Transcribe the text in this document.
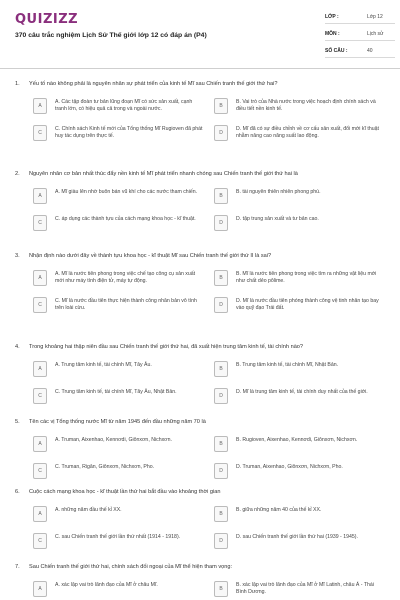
QUIZIZZ
370 câu trắc nghiệm Lịch Sử Thế giới lớp 12 có đáp án (P4)
LỚP :	Lớp 12
MÔN :	Lịch sử
SỐ CÂU :	40
1.	Yếu tố nào không phải là nguyên nhân sự phát triển của kinh tế Mĩ sau Chiến tranh thế giới thứ hai?
A
A. Các tập đoàn tư bản lũng đoạn Mĩ có sức sản xuất, cạnh tranh lớn, có hiệu quả cả trong và ngoài nước.	B
B. Vai trò của Nhà nước trong việc hoạch định chính sách và điều tiết nền kinh tế.
C
C. Chính sách Kinh tế mới của Tổng thống Mĩ Rugioven đã phát huy tác dụng trên thực tế.	D
D. Mĩ đã có sự điều chỉnh về cơ cấu sản xuất, đổi mới kĩ thuật nhằm nâng cao năng suất lao động.
2.	Nguyên nhân cơ bản nhất thúc đẩy nền kinh tế Mĩ phát triển nhanh chóng sau Chiến tranh thế giới thứ hai là
A
A. Mĩ giàu lên nhờ buôn bán vũ khí cho các nước tham chiến.
B
B. tài nguyên thiên nhiên phong phú.
C
C. áp dụng các thành tựu của cách mạng khoa học - kĩ thuật.
D
D. tập trung sản xuất và tư bản cao.
3.	Nhận định nào dưới đây về thành tựu khoa học - kĩ thuật Mĩ sau Chiến tranh thế giới thứ II là sai?
A
A. Mĩ là nước tiên phong trong việc chế tạo công cụ sản xuất mới như máy tính điện tử, máy tự động.	B
B. Mĩ là nước tiên phong trong việc tìm ra những vật liệu mới như chất dẻo pôlime.
C
C. Mĩ là nước đầu tiên thực hiện thành công nhân bản vô tính trên loài cừu.	D
D. Mĩ là nước đầu tiên phóng thành công vệ tinh nhân tạo bay vào quỹ đạo Trái đất.
4.	Trong khoảng hai thập niên đầu sau Chiến tranh thế giới thứ hai, đã xuất hiện trung tâm kinh tế, tài chính nào?
A
A. Trung tâm kinh tế, tài chính Mĩ, Tây Âu.
B
B. Trung tâm kinh tế, tài chính Mĩ, Nhật Bản.
C
C. Trung tâm kinh tế, tài chính Mĩ, Tây Âu, Nhật Bản.
D
D. Mĩ là trung tâm kinh tế, tài chính duy nhất của thế giới.
5.	Tên các vị Tổng thống nước Mĩ từ năm 1945 đến đầu những năm 70 là
A
A. Truman, Aixenhao, Kennơdi, Giônxơn, Nichxơn.
B
B. Rugioven, Aixenhao, Kennơdi, Giônxơn, Nichxơn.
C
C. Truman, Rigân, Giônxơn, Nichxơn, Pho.
D
D. Truman, Aixenhao, Giônxơn, Nichxơn, Pho.
6.	Cuộc cách mạng khoa học - kĩ thuật lần thứ hai bắt đầu vào khoảng thời gian
A
A. những năm đầu thế kỉ XX.
B
B. giữa những năm 40 của thế kỉ XX.
C
C. sau Chiến tranh thế giới lần thứ nhất (1914 - 1918).
D
D. sau Chiến tranh thế giới lần thứ hai (1939 - 1945).
7.	Sau Chiến tranh thế giới thứ hai, chính sách đối ngoại của Mĩ thể hiện tham vọng:
A
A. xác lập vai trò lãnh đạo của Mĩ ở châu Mĩ.
B
B. xác lập vai trò lãnh đạo của Mĩ ở Mĩ Latinh, châu Á - Thái Bình Dương.
